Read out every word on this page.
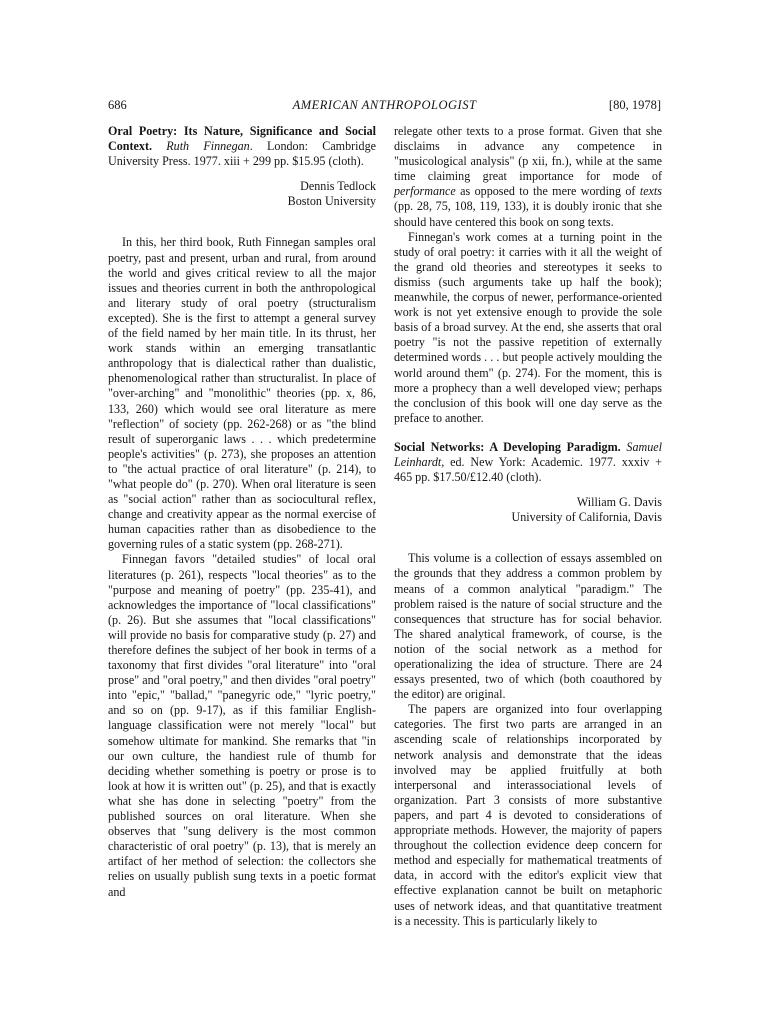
686	AMERICAN ANTHROPOLOGIST	[80, 1978]

Oral Poetry: Its Nature, Significance and Social Context. Ruth Finnegan. London: Cambridge University Press. 1977. xiii + 299 pp. $15.95 (cloth).

Dennis Tedlock
Boston University

In this, her third book, Ruth Finnegan samples oral poetry, past and present, urban and rural, from around the world and gives critical review to all the major issues and theories current in both the anthropological and literary study of oral poetry (structuralism excepted). She is the first to attempt a general survey of the field named by her main title. In its thrust, her work stands within an emerging transatlantic anthropology that is dialectical rather than dualistic, phenomenological rather than structuralist. In place of "over-arching" and "monolithic" theories (pp. x, 86, 133, 260) which would see oral literature as mere "reflection" of society (pp. 262-268) or as "the blind result of superorganic laws . . . which predetermine people's activities" (p. 273), she proposes an attention to "the actual practice of oral literature" (p. 214), to "what people do" (p. 270). When oral literature is seen as "social action" rather than as sociocultural reflex, change and creativity appear as the normal exercise of human capacities rather than as disobedience to the governing rules of a static system (pp. 268-271).

Finnegan favors "detailed studies" of local oral literatures (p. 261), respects "local theories" as to the "purpose and meaning of poetry" (pp. 235-41), and acknowledges the importance of "local classifications" (p. 26). But she assumes that "local classifications" will provide no basis for comparative study (p. 27) and therefore defines the subject of her book in terms of a taxonomy that first divides "oral literature" into "oral prose" and "oral poetry," and then divides "oral poetry" into "epic," "ballad," "panegyric ode," "lyric poetry," and so on (pp. 9-17), as if this familiar English-language classification were not merely "local" but somehow ultimate for mankind. She remarks that "in our own culture, the handiest rule of thumb for deciding whether something is poetry or prose is to look at how it is written out" (p. 25), and that is exactly what she has done in selecting "poetry" from the published sources on oral literature. When she observes that "sung delivery is the most common characteristic of oral poetry" (p. 13), that is merely an artifact of her method of selection: the collectors she relies on usually publish sung texts in a poetic format and

relegate other texts to a prose format. Given that she disclaims in advance any competence in "musicological analysis" (p xii, fn.), while at the same time claiming great importance for mode of performance as opposed to the mere wording of texts (pp. 28, 75, 108, 119, 133), it is doubly ironic that she should have centered this book on song texts.

Finnegan's work comes at a turning point in the study of oral poetry: it carries with it all the weight of the grand old theories and stereotypes it seeks to dismiss (such arguments take up half the book); meanwhile, the corpus of newer, performance-oriented work is not yet extensive enough to provide the sole basis of a broad survey. At the end, she asserts that oral poetry "is not the passive repetition of externally determined words . . . but people actively moulding the world around them" (p. 274). For the moment, this is more a prophecy than a well developed view; perhaps the conclusion of this book will one day serve as the preface to another.

Social Networks: A Developing Paradigm. Samuel Leinhardt, ed. New York: Academic. 1977. xxxiv + 465 pp. $17.50/£12.40 (cloth).

William G. Davis
University of California, Davis

This volume is a collection of essays assembled on the grounds that they address a common problem by means of a common analytical "paradigm." The problem raised is the nature of social structure and the consequences that structure has for social behavior. The shared analytical framework, of course, is the notion of the social network as a method for operationalizing the idea of structure. There are 24 essays presented, two of which (both coauthored by the editor) are original.

The papers are organized into four overlapping categories. The first two parts are arranged in an ascending scale of relationships incorporated by network analysis and demonstrate that the ideas involved may be applied fruitfully at both interpersonal and interassociational levels of organization. Part 3 consists of more substantive papers, and part 4 is devoted to considerations of appropriate methods. However, the majority of papers throughout the collection evidence deep concern for method and especially for mathematical treatments of data, in accord with the editor's explicit view that effective explanation cannot be built on metaphoric uses of network ideas, and that quantitative treatment is a necessity. This is particularly likely to
